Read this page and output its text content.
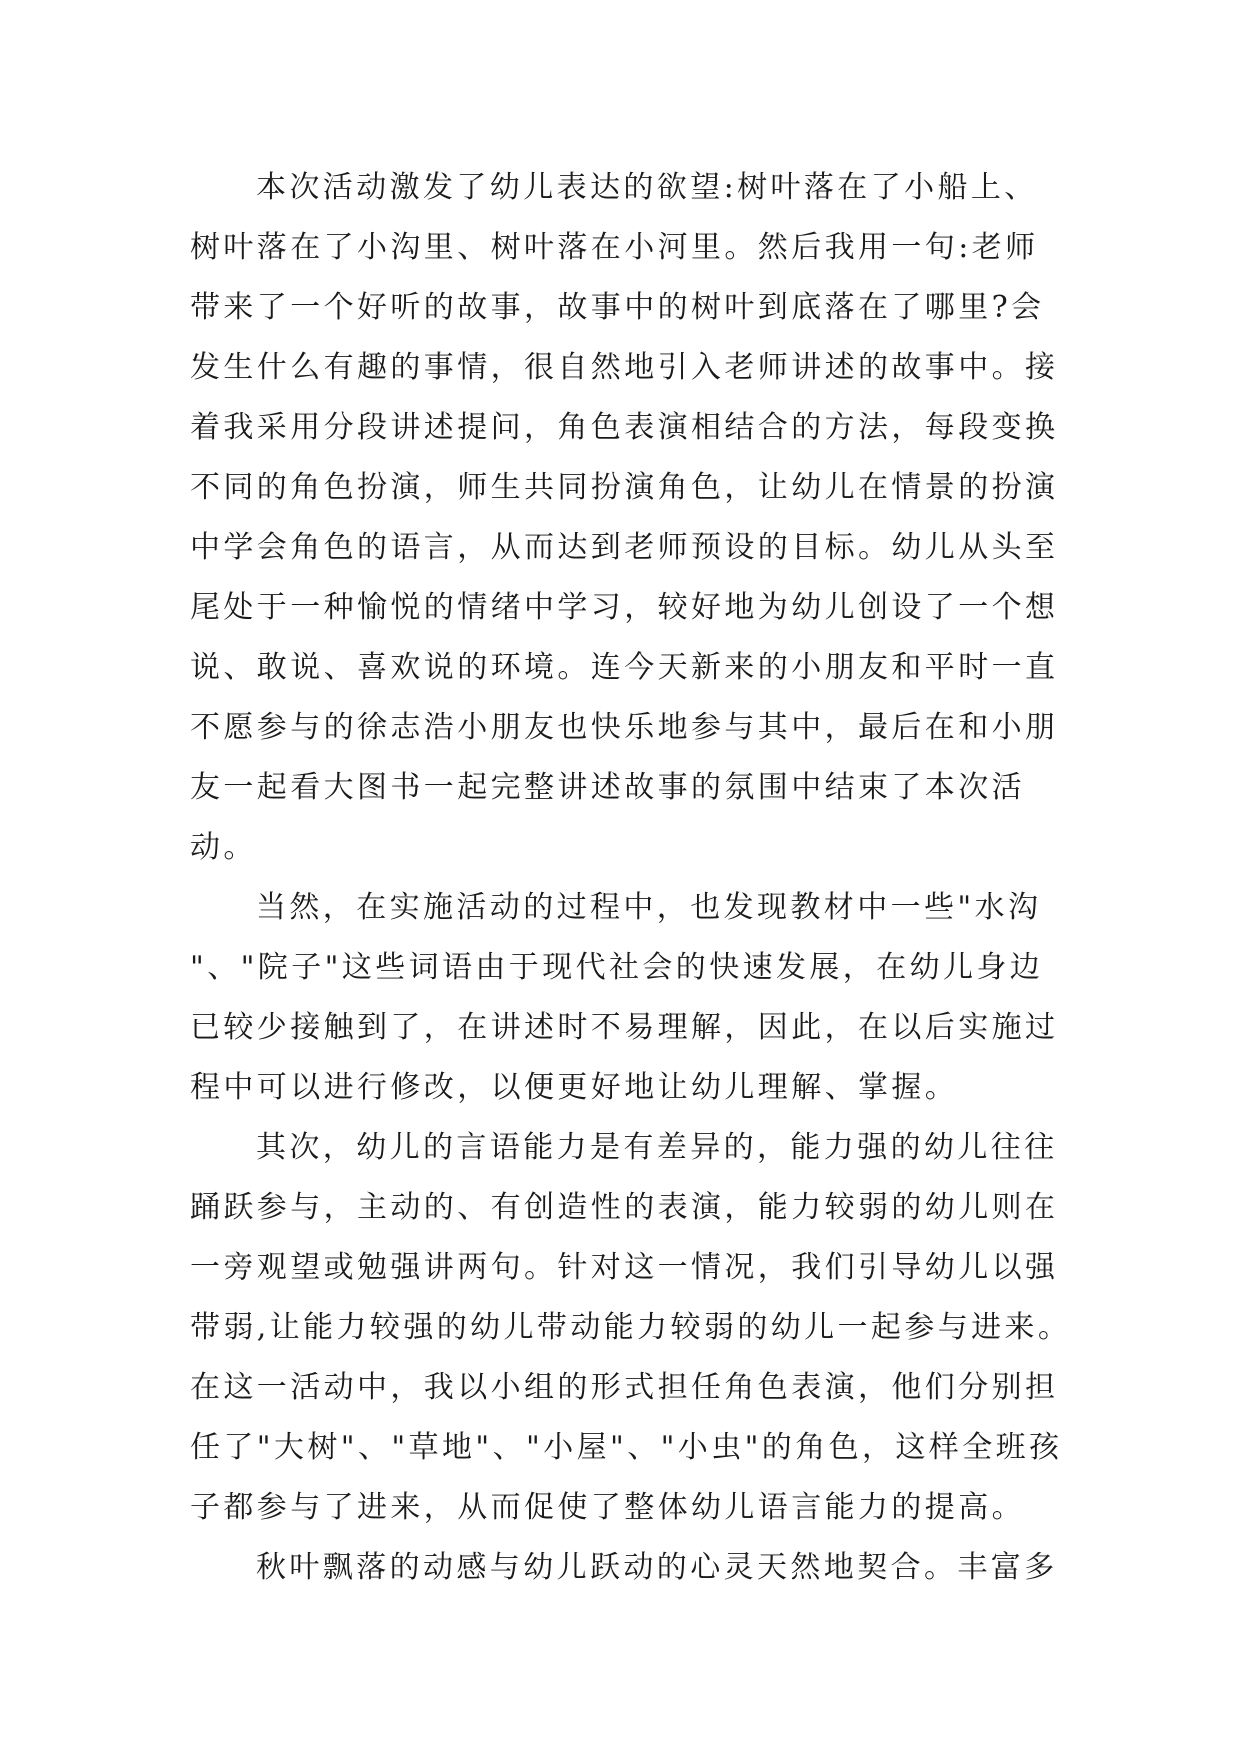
本次活动激发了幼儿表达的欲望:树叶落在了小船上、
树叶落在了小沟里、树叶落在小河里。然后我用一句:老师
带来了一个好听的故事，故事中的树叶到底落在了哪里?会
发生什么有趣的事情，很自然地引入老师讲述的故事中。接
着我采用分段讲述提问，角色表演相结合的方法，每段变换
不同的角色扮演，师生共同扮演角色，让幼儿在情景的扮演
中学会角色的语言，从而达到老师预设的目标。幼儿从头至
尾处于一种愉悦的情绪中学习，较好地为幼儿创设了一个想
说、敢说、喜欢说的环境。连今天新来的小朋友和平时一直
不愿参与的徐志浩小朋友也快乐地参与其中，最后在和小朋
友一起看大图书一起完整讲述故事的氛围中结束了本次活
动。
当然，在实施活动的过程中，也发现教材中一些"水沟
"、"院子"这些词语由于现代社会的快速发展，在幼儿身边
已较少接触到了，在讲述时不易理解，因此，在以后实施过
程中可以进行修改，以便更好地让幼儿理解、掌握。
其次，幼儿的言语能力是有差异的，能力强的幼儿往往
踊跃参与，主动的、有创造性的表演，能力较弱的幼儿则在
一旁观望或勉强讲两句。针对这一情况，我们引导幼儿以强
带弱,让能力较强的幼儿带动能力较弱的幼儿一起参与进来。
在这一活动中，我以小组的形式担任角色表演，他们分别担
任了"大树"、"草地"、"小屋"、"小虫"的角色，这样全班孩
子都参与了进来，从而促使了整体幼儿语言能力的提高。
秋叶飘落的动感与幼儿跃动的心灵天然地契合。丰富多
